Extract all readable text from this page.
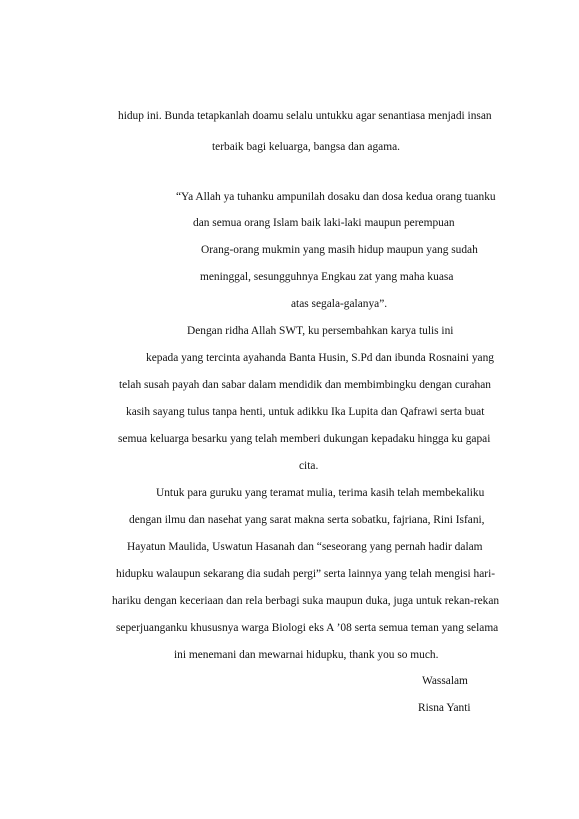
hidup ini. Bunda tetapkanlah doamu selalu untukku agar senantiasa menjadi insan
terbaik bagi keluarga, bangsa dan agama.
“Ya Allah ya tuhanku ampunilah dosaku dan dosa kedua orang tuanku
dan semua orang Islam baik laki-laki maupun perempuan
Orang-orang mukmin yang masih hidup maupun yang sudah
meninggal, sesungguhnya Engkau zat yang maha kuasa
atas segala-galanya”.
Dengan ridha Allah SWT, ku persembahkan karya tulis ini
kepada yang tercinta ayahanda Banta Husin, S.Pd dan ibunda Rosnaini yang
telah susah payah dan sabar dalam mendidik dan membimbingku dengan curahan
kasih sayang tulus tanpa henti, untuk adikku Ika Lupita dan Qafrawi serta buat
semua keluarga besarku yang telah memberi dukungan kepadaku hingga ku gapai
cita.
Untuk para guruku yang teramat mulia, terima kasih telah membekaliku
dengan ilmu dan nasehat yang sarat makna serta sobatku, fajriana, Rini Isfani,
Hayatun Maulida, Uswatun Hasanah dan “seseorang yang pernah hadir dalam
hidupku walaupun sekarang dia sudah pergi” serta lainnya yang telah mengisi hari-
hariku dengan keceriaan dan rela berbagi suka maupun duka, juga untuk rekan-rekan
seperjuanganku khususnya warga Biologi eks A ’08 serta semua teman yang selama
ini menemani dan mewarnai hidupku, thank you so much.
Wassalam
Risna Yanti
